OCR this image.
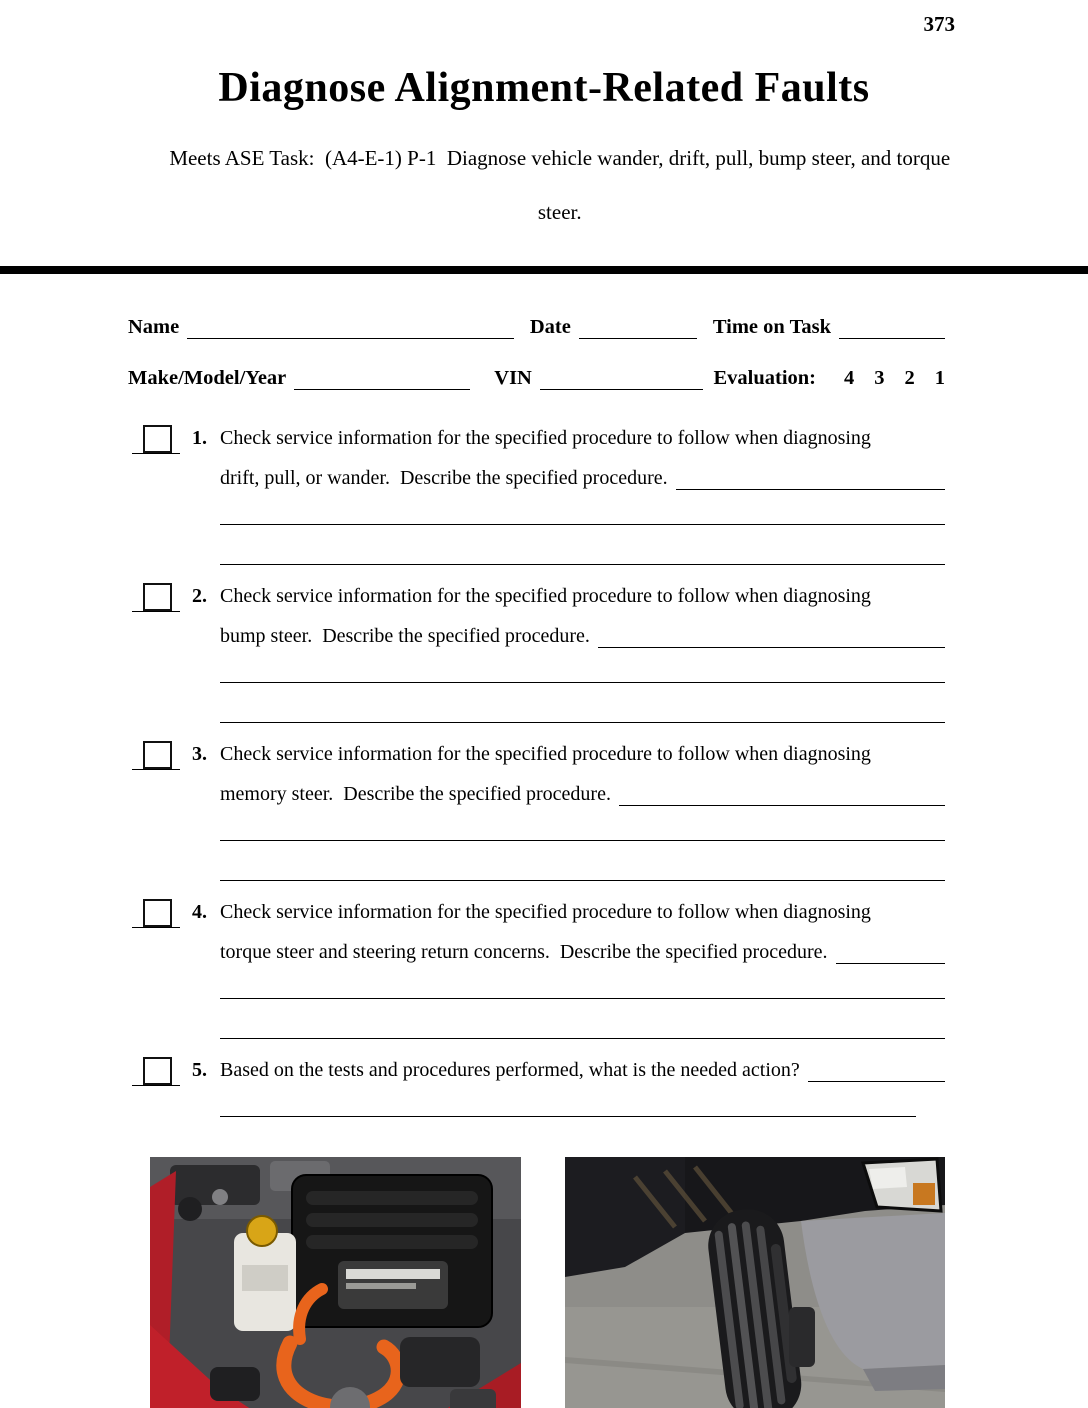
373
Diagnose Alignment-Related Faults

Meets ASE Task:  (A4-E-1) P-1  Diagnose vehicle wander, drift, pull, bump steer, and torque

steer.

Name	Date	Time on Task
Make/Model/Year	VIN	Evaluation: 4 3 2 1
1. Check service information for the specified procedure to follow when diagnosing
drift, pull, or wander.  Describe the specified procedure.
2. Check service information for the specified procedure to follow when diagnosing
bump steer.  Describe the specified procedure.
3. Check service information for the specified procedure to follow when diagnosing
memory steer.  Describe the specified procedure.
4. Check service information for the specified procedure to follow when diagnosing
torque steer and steering return concerns.  Describe the specified procedure.
5. Based on the tests and procedures performed, what is the needed action?
